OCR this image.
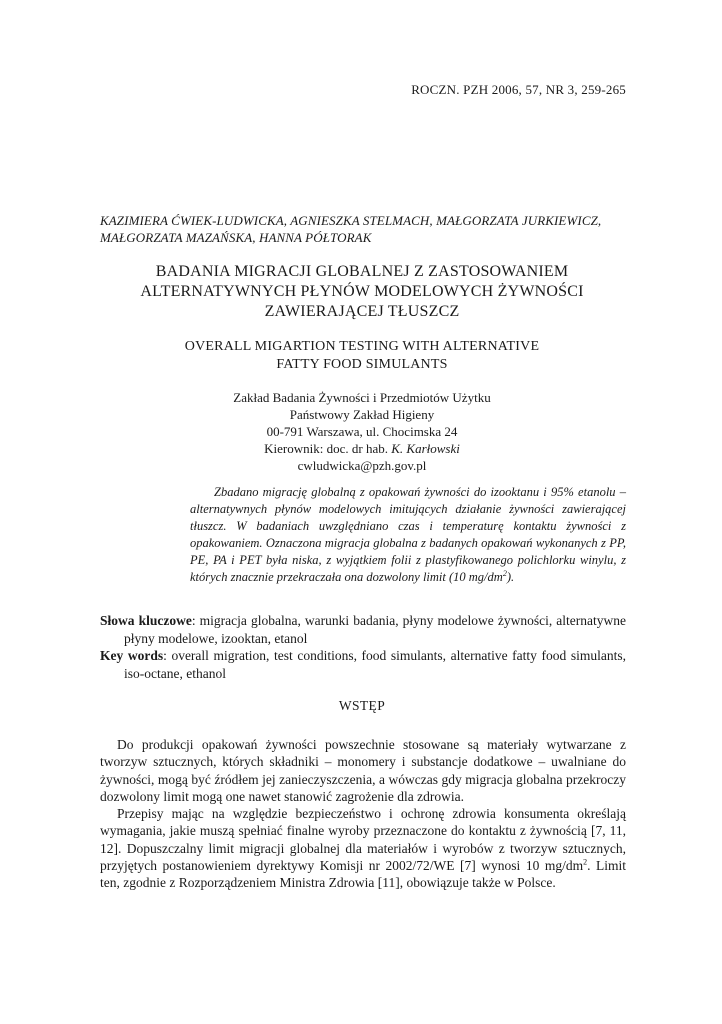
ROCZN. PZH 2006, 57, NR 3, 259-265
KAZIMIERA ĆWIEK-LUDWICKA, AGNIESZKA STELMACH, MAŁGORZATA JURKIEWICZ,
MAŁGORZATA MAZAŃSKA, HANNA PÓŁTORAK
BADANIA MIGRACJI GLOBALNEJ Z ZASTOSOWANIEM
ALTERNATYWNYCH PŁYNÓW MODELOWYCH ŻYWNOŚCI
ZAWIERAJĄCEJ TŁUSZCZ
OVERALL MIGARTION TESTING WITH ALTERNATIVE
FATTY FOOD SIMULANTS
Zakład Badania Żywności i Przedmiotów Użytku
Państwowy Zakład Higieny
00-791 Warszawa, ul. Chocimska 24
Kierownik: doc. dr hab. K. Karłowski
cwludwicka@pzh.gov.pl
Zbadano migrację globalną z opakowań żywności do izooktanu i 95% etanolu – alternatywnych płynów modelowych imitujących działanie żywności zawierającej tłuszcz. W badaniach uwzględniano czas i temperaturę kontaktu żywności z opakowaniem. Oznaczona migracja globalna z badanych opakowań wykonanych z PP, PE, PA i PET była niska, z wyjątkiem folii z plastyfikowanego polichlorku winylu, z których znacznie przekraczała ona dozwolony limit (10 $mg/dm^2$).

Słowa kluczowe: migracja globalna, warunki badania, płyny modelowe żywności, alternatywne płyny modelowe, izooktan, etanol

Key words: overall migration, test conditions, food simulants, alternative fatty food simulants, iso-octane, ethanol

WSTĘP

Do produkcji opakowań żywności powszechnie stosowane są materiały wytwarzane z tworzyw sztucznych, których składniki – monomery i substancje dodatkowe – uwalniane do żywności, mogą być źródłem jej zanieczyszczenia, a wówczas gdy migracja globalna przekroczy dozwolony limit mogą one nawet stanowić zagrożenie dla zdrowia.

Przepisy mając na względzie bezpieczeństwo i ochronę zdrowia konsumenta określają wymagania, jakie muszą spełniać finalne wyroby przeznaczone do kontaktu z żywnością [7, 11, 12]. Dopuszczalny limit migracji globalnej dla materiałów i wyrobów z tworzyw sztucznych, przyjętych postanowieniem dyrektywy Komisji nr 2002/72/WE [7] wynosi 10 $mg/dm^2$. Limit ten, zgodnie z Rozporządzeniem Ministra Zdrowia [11], obowiązuje także w Polsce.
